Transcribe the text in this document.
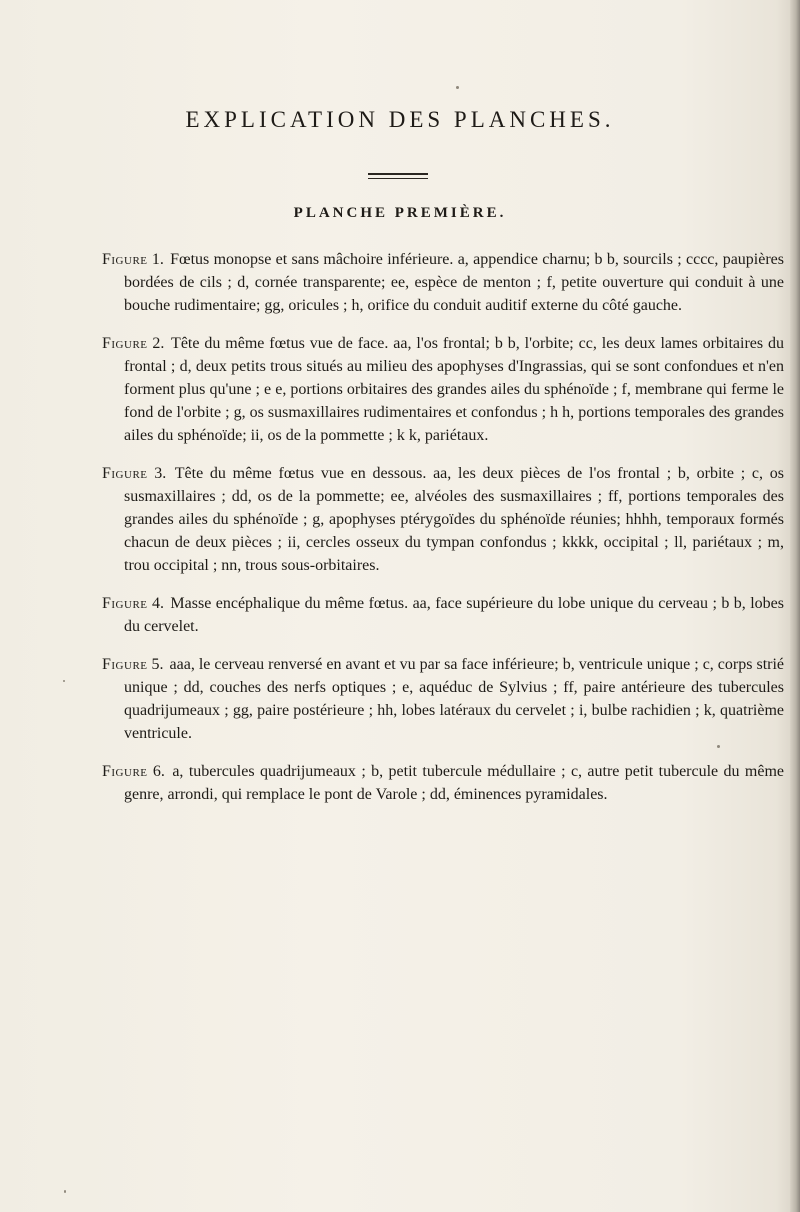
EXPLICATION DES PLANCHES.
PLANCHE PREMIÈRE.
Figure 1. Fœtus monopse et sans mâchoire inférieure. a, appendice charnu; b b, sourcils ; cccc, paupières bordées de cils ; d, cornée transparente; ee, espèce de menton ; f, petite ouverture qui conduit à une bouche rudimentaire; gg, oricules ; h, orifice du conduit auditif externe du côté gauche.
Figure 2. Tête du même fœtus vue de face. aa, l'os frontal; b b, l'orbite; cc, les deux lames orbitaires du frontal ; d, deux petits trous situés au milieu des apophyses d'Ingrassias, qui se sont confondues et n'en forment plus qu'une ; e e, portions orbitaires des grandes ailes du sphénoïde ; f, membrane qui ferme le fond de l'orbite ; g, os susmaxillaires rudimentaires et confondus ; h h, portions temporales des grandes ailes du sphénoïde; ii, os de la pommette ; k k, pariétaux.
Figure 3. Tête du même fœtus vue en dessous. aa, les deux pièces de l'os frontal ; b, orbite ; c, os susmaxillaires ; dd, os de la pommette; ee, alvéoles des susmaxillaires ; ff, portions temporales des grandes ailes du sphénoïde ; g, apophyses ptérygoïdes du sphénoïde réunies; hhhh, temporaux formés chacun de deux pièces ; ii, cercles osseux du tympan confondus ; kkkk, occipital ; ll, pariétaux ; m, trou occipital ; nn, trous sous-orbitaires.
Figure 4. Masse encéphalique du même fœtus. aa, face supérieure du lobe unique du cerveau ; b b, lobes du cervelet.
Figure 5. aaa, le cerveau renversé en avant et vu par sa face inférieure; b, ventricule unique ; c, corps strié unique ; dd, couches des nerfs optiques ; e, aquéduc de Sylvius ; ff, paire antérieure des tubercules quadrijumeaux ; gg, paire postérieure ; hh, lobes latéraux du cervelet ; i, bulbe rachidien ; k, quatrième ventricule.
Figure 6. a, tubercules quadrijumeaux ; b, petit tubercule médullaire ; c, autre petit tubercule du même genre, arrondi, qui remplace le pont de Varole ; dd, éminences pyramidales.
